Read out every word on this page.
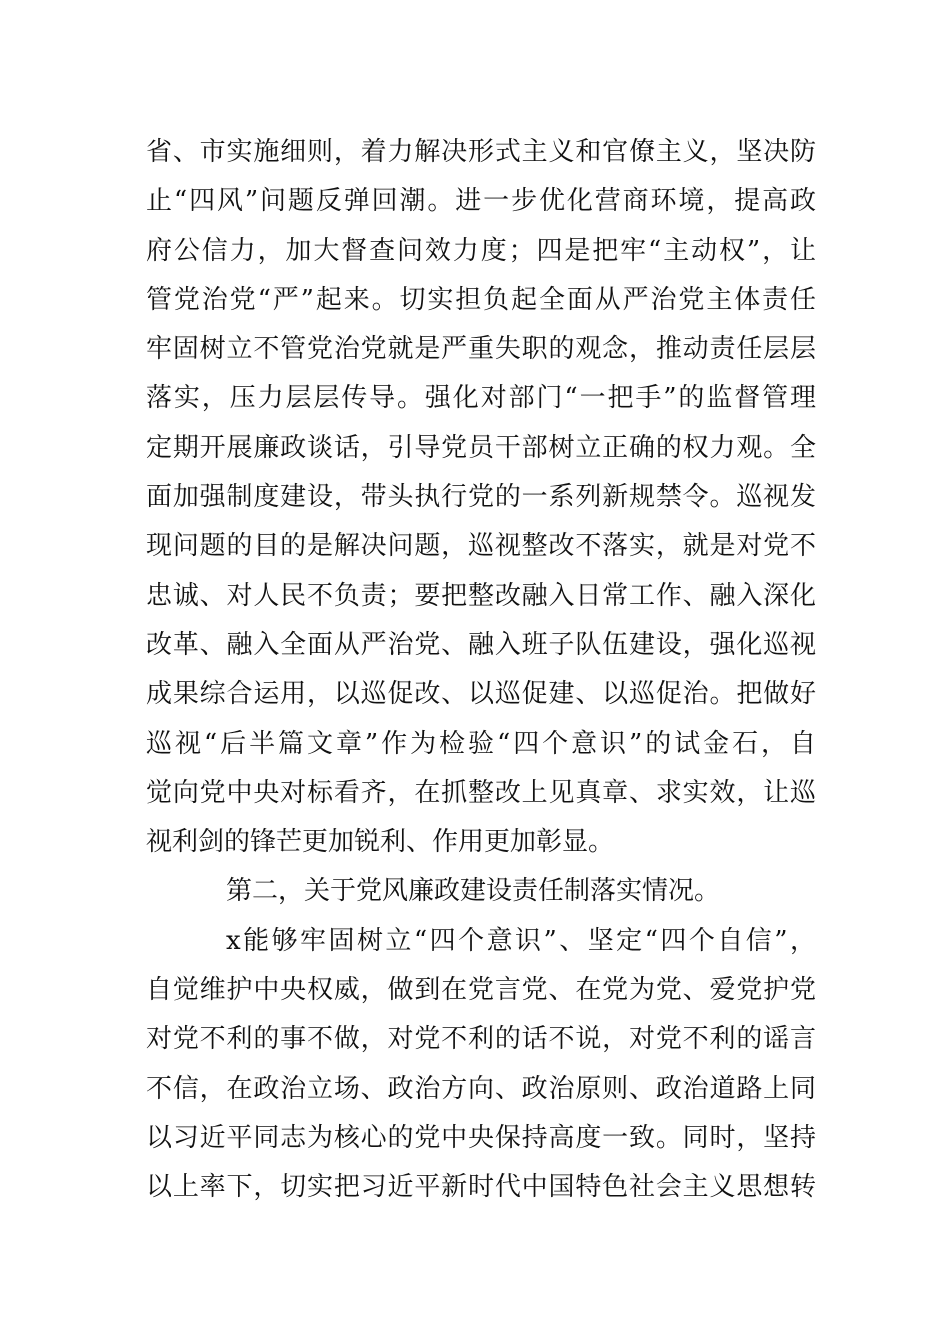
省、市实施细则，着力解决形式主义和官僚主义，坚决防
止“四风”问题反弹回潮。进一步优化营商环境，提高政
府公信力，加大督查问效力度；四是把牢“主动权”，让
管党治党“严”起来。切实担负起全面从严治党主体责任
牢固树立不管党治党就是严重失职的观念，推动责任层层
落实，压力层层传导。强化对部门“一把手”的监督管理
定期开展廉政谈话，引导党员干部树立正确的权力观。全
面加强制度建设，带头执行党的一系列新规禁令。巡视发
现问题的目的是解决问题，巡视整改不落实，就是对党不
忠诚、对人民不负责；要把整改融入日常工作、融入深化
改革、融入全面从严治党、融入班子队伍建设，强化巡视
成果综合运用，以巡促改、以巡促建、以巡促治。把做好
巡视“后半篇文章”作为检验“四个意识”的试金石，自
觉向党中央对标看齐，在抓整改上见真章、求实效，让巡
视利剑的锋芒更加锐利、作用更加彰显。
第二，关于党风廉政建设责任制落实情况。
x能够牢固树立“四个意识”、坚定“四个自信”，
自觉维护中央权威，做到在党言党、在党为党、爱党护党
对党不利的事不做，对党不利的话不说，对党不利的谣言
不信，在政治立场、政治方向、政治原则、政治道路上同
以习近平同志为核心的党中央保持高度一致。同时，坚持
以上率下，切实把习近平新时代中国特色社会主义思想转
